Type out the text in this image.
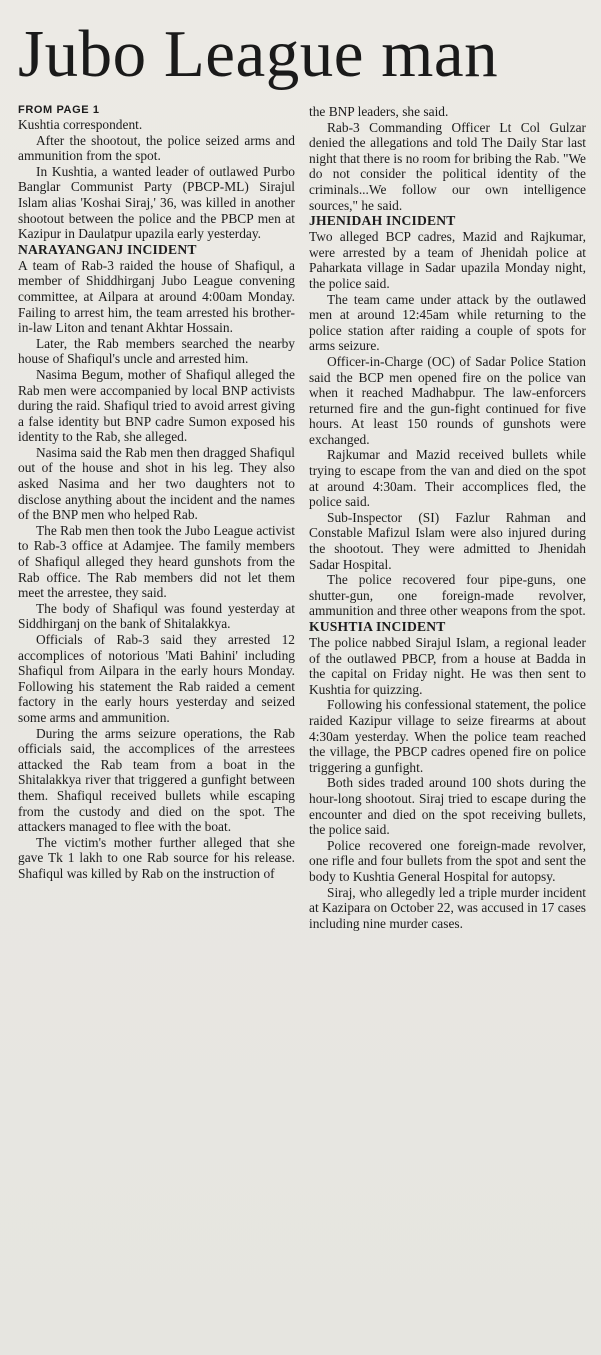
Jubo League man
FROM PAGE 1

Kushtia correspondent.

After the shootout, the police seized arms and ammunition from the spot.

In Kushtia, a wanted leader of outlawed Purbo Banglar Communist Party (PBCP-ML) Sirajul Islam alias 'Koshai Siraj,' 36, was killed in another shootout between the police and the PBCP men at Kazipur in Daulatpur upazila early yesterday.

NARAYANGANJ INCIDENT

A team of Rab-3 raided the house of Shafiqul, a member of Shiddhirganj Jubo League convening committee, at Ailpara at around 4:00am Monday. Failing to arrest him, the team arrested his brother-in-law Liton and tenant Akhtar Hossain.

Later, the Rab members searched the nearby house of Shafiqul's uncle and arrested him.

Nasima Begum, mother of Shafiqul alleged the Rab men were accompanied by local BNP activists during the raid. Shafiqul tried to avoid arrest giving a false identity but BNP cadre Sumon exposed his identity to the Rab, she alleged.

Nasima said the Rab men then dragged Shafiqul out of the house and shot in his leg. They also asked Nasima and her two daughters not to disclose anything about the incident and the names of the BNP men who helped Rab.

The Rab men then took the Jubo League activist to Rab-3 office at Adamjee. The family members of Shafiqul alleged they heard gunshots from the Rab office. The Rab members did not let them meet the arrestee, they said.

The body of Shafiqul was found yesterday at Siddhirganj on the bank of Shitalakkya.

Officials of Rab-3 said they arrested 12 accomplices of notorious 'Mati Bahini' including Shafiqul from Ailpara in the early hours Monday. Following his statement the Rab raided a cement factory in the early hours yesterday and seized some arms and ammunition.

During the arms seizure operations, the Rab officials said, the accomplices of the arrestees attacked the Rab team from a boat in the Shitalakkya river that triggered a gunfight between them. Shafiqul received bullets while escaping from the custody and died on the spot. The attackers managed to flee with the boat.

The victim's mother further alleged that she gave Tk 1 lakh to one Rab source for his release. Shafiqul was killed by Rab on the instruction of

the BNP leaders, she said.

Rab-3 Commanding Officer Lt Col Gulzar denied the allegations and told The Daily Star last night that there is no room for bribing the Rab. "We do not consider the political identity of the criminals...We follow our own intelligence sources," he said.

JHENIDAH INCIDENT

Two alleged BCP cadres, Mazid and Rajkumar, were arrested by a team of Jhenidah police at Paharkata village in Sadar upazila Monday night, the police said.

The team came under attack by the outlawed men at around 12:45am while returning to the police station after raiding a couple of spots for arms seizure.

Officer-in-Charge (OC) of Sadar Police Station said the BCP men opened fire on the police van when it reached Madhabpur. The law-enforcers returned fire and the gun-fight continued for five hours. At least 150 rounds of gunshots were exchanged.

Rajkumar and Mazid received bullets while trying to escape from the van and died on the spot at around 4:30am. Their accomplices fled, the police said.

Sub-Inspector (SI) Fazlur Rahman and Constable Mafizul Islam were also injured during the shootout. They were admitted to Jhenidah Sadar Hospital.

The police recovered four pipe-guns, one shutter-gun, one foreign-made revolver, ammunition and three other weapons from the spot.

KUSHTIA INCIDENT

The police nabbed Sirajul Islam, a regional leader of the outlawed PBCP, from a house at Badda in the capital on Friday night. He was then sent to Kushtia for quizzing.

Following his confessional statement, the police raided Kazipur village to seize firearms at about 4:30am yesterday. When the police team reached the village, the PBCP cadres opened fire on police triggering a gunfight.

Both sides traded around 100 shots during the hour-long shootout. Siraj tried to escape during the encounter and died on the spot receiving bullets, the police said.

Police recovered one foreign-made revolver, one rifle and four bullets from the spot and sent the body to Kushtia General Hospital for autopsy.

Siraj, who allegedly led a triple murder incident at Kazipara on October 22, was accused in 17 cases including nine murder cases.
